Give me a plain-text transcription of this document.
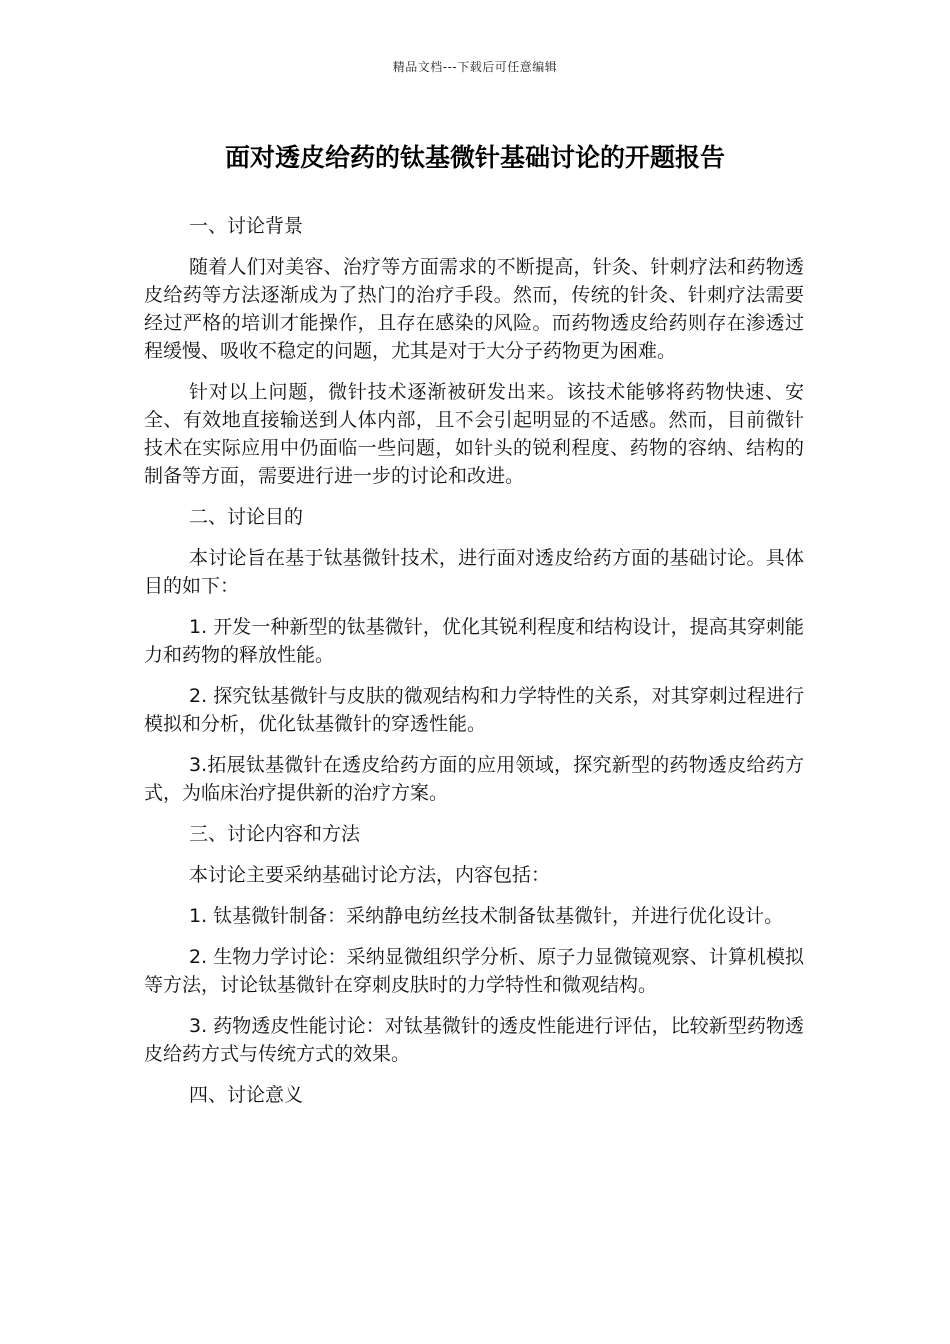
精品文档---下载后可任意编辑
面对透皮给药的钛基微针基础讨论的开题报告

一、讨论背景

随着人们对美容、治疗等方面需求的不断提高，针灸、针刺疗法和药物透皮给药等方法逐渐成为了热门的治疗手段。然而，传统的针灸、针刺疗法需要经过严格的培训才能操作，且存在感染的风险。而药物透皮给药则存在渗透过程缓慢、吸收不稳定的问题，尤其是对于大分子药物更为困难。

针对以上问题，微针技术逐渐被研发出来。该技术能够将药物快速、安全、有效地直接输送到人体内部，且不会引起明显的不适感。然而，目前微针技术在实际应用中仍面临一些问题，如针头的锐利程度、药物的容纳、结构的制备等方面，需要进行进一步的讨论和改进。

二、讨论目的

本讨论旨在基于钛基微针技术，进行面对透皮给药方面的基础讨论。具体目的如下：

1. 开发一种新型的钛基微针，优化其锐利程度和结构设计，提高其穿刺能力和药物的释放性能。

2. 探究钛基微针与皮肤的微观结构和力学特性的关系，对其穿刺过程进行模拟和分析，优化钛基微针的穿透性能。

3.拓展钛基微针在透皮给药方面的应用领域，探究新型的药物透皮给药方式，为临床治疗提供新的治疗方案。

三、讨论内容和方法

本讨论主要采纳基础讨论方法，内容包括：

1. 钛基微针制备：采纳静电纺丝技术制备钛基微针，并进行优化设计。

2. 生物力学讨论：采纳显微组织学分析、原子力显微镜观察、计算机模拟等方法，讨论钛基微针在穿刺皮肤时的力学特性和微观结构。

3. 药物透皮性能讨论：对钛基微针的透皮性能进行评估，比较新型药物透皮给药方式与传统方式的效果。

四、讨论意义
